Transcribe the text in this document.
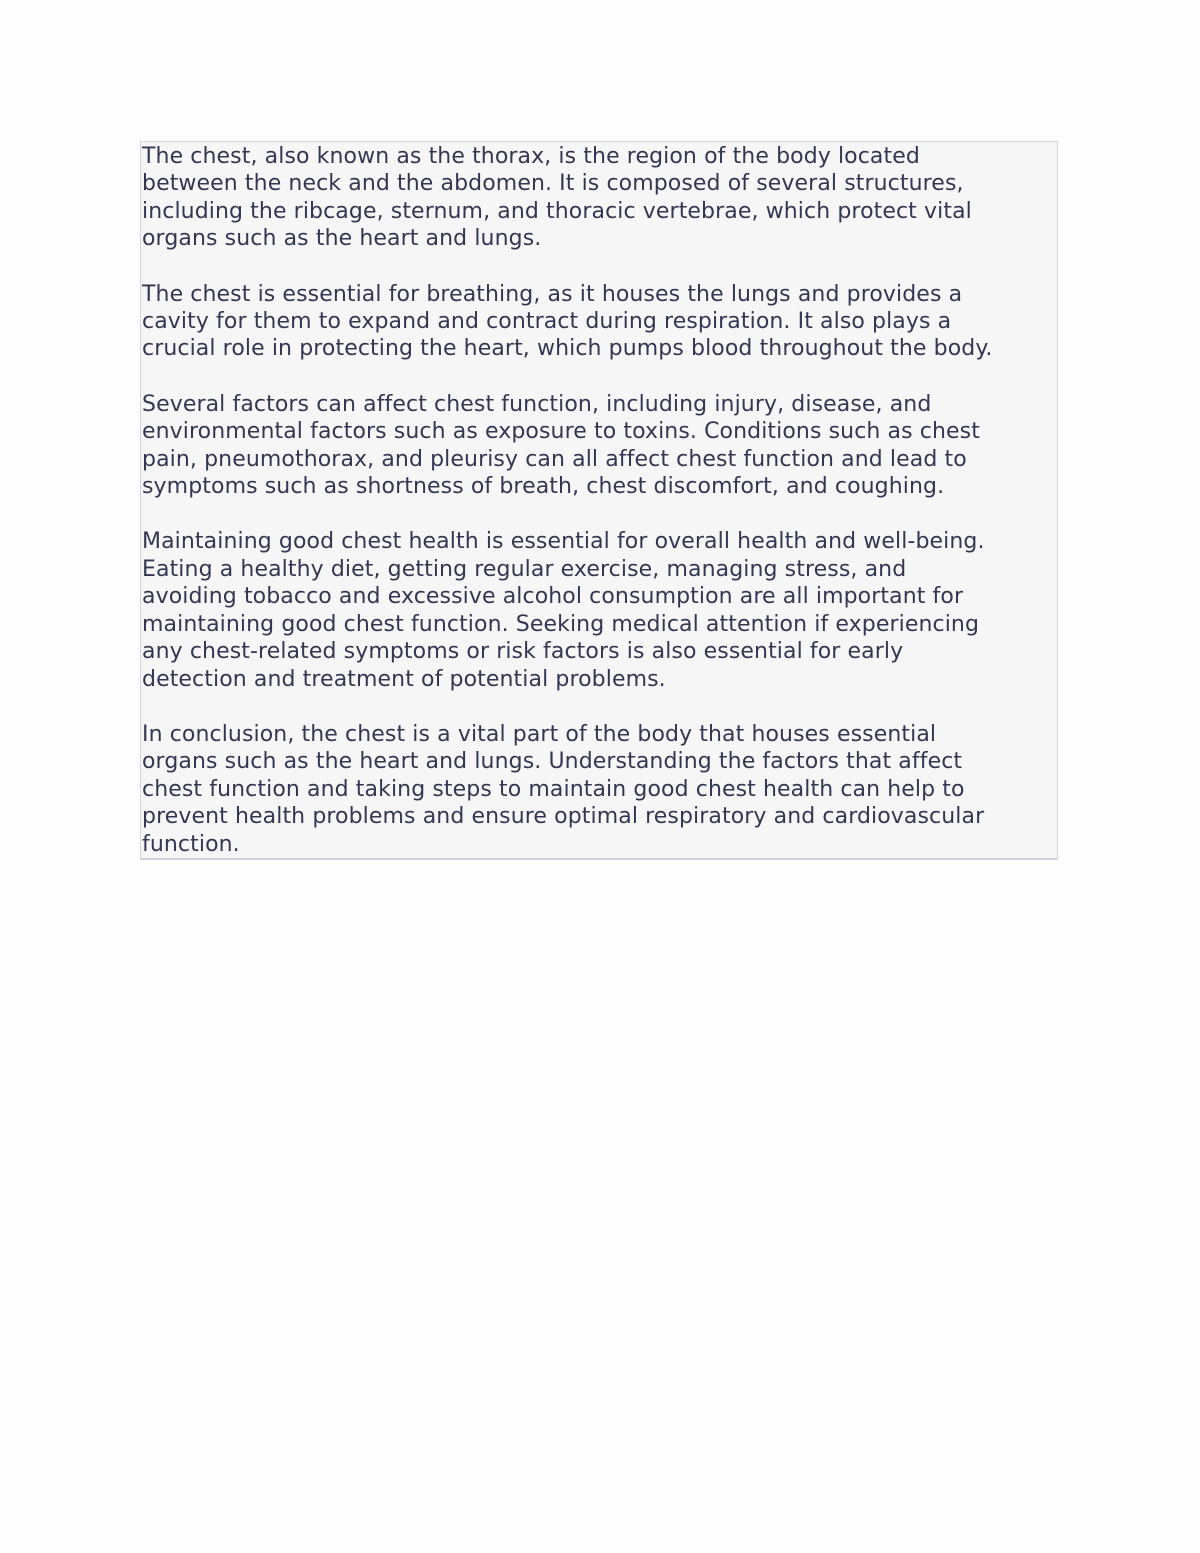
The chest, also known as the thorax, is the region of the body located
between the neck and the abdomen. It is composed of several structures,
including the ribcage, sternum, and thoracic vertebrae, which protect vital
organs such as the heart and lungs.

The chest is essential for breathing, as it houses the lungs and provides a
cavity for them to expand and contract during respiration. It also plays a
crucial role in protecting the heart, which pumps blood throughout the body.

Several factors can affect chest function, including injury, disease, and
environmental factors such as exposure to toxins. Conditions such as chest
pain, pneumothorax, and pleurisy can all affect chest function and lead to
symptoms such as shortness of breath, chest discomfort, and coughing.

Maintaining good chest health is essential for overall health and well-being.
Eating a healthy diet, getting regular exercise, managing stress, and
avoiding tobacco and excessive alcohol consumption are all important for
maintaining good chest function. Seeking medical attention if experiencing
any chest-related symptoms or risk factors is also essential for early
detection and treatment of potential problems.

In conclusion, the chest is a vital part of the body that houses essential
organs such as the heart and lungs. Understanding the factors that affect
chest function and taking steps to maintain good chest health can help to
prevent health problems and ensure optimal respiratory and cardiovascular
function.
